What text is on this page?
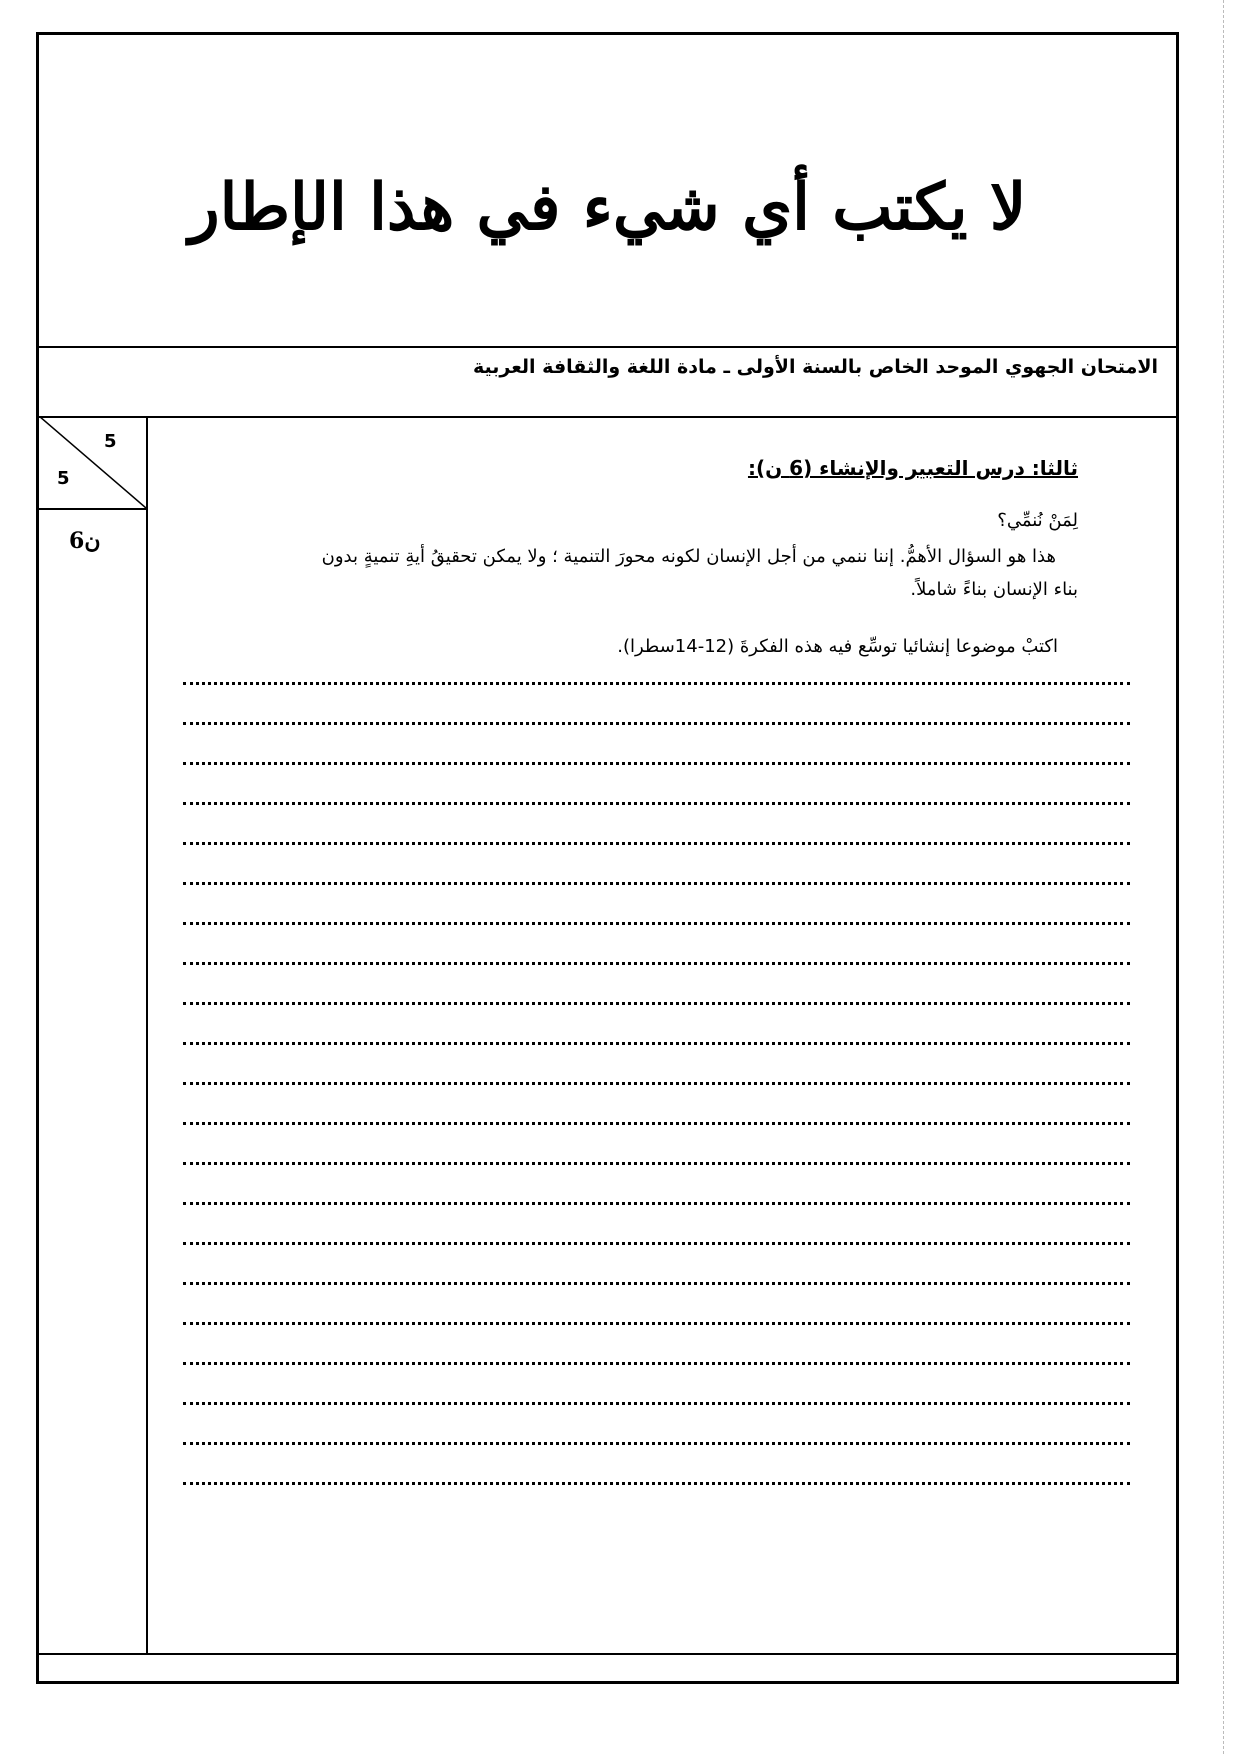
لا يكتب أي شيء في هذا الإطار
الامتحان الجهوي الموحد الخاص بالسنة الأولى ـ مادة اللغة والثقافة العربية
5
5
6ن
ثالثا: درس التعبير والإنشاء (6 ن):
لِمَنْ نُنمِّي؟

هذا هو السؤال الأهمُّ. إننا ننمي من أجل الإنسان لكونه محورَ التنمية ؛ ولا يمكن تحقيقُ أيةِ تنميةٍ بدون

بناء الإنسان بناءً شاملاً.

اكتبْ موضوعا إنشائيا توسِّع فيه هذه الفكرةَ (12-14سطرا).
